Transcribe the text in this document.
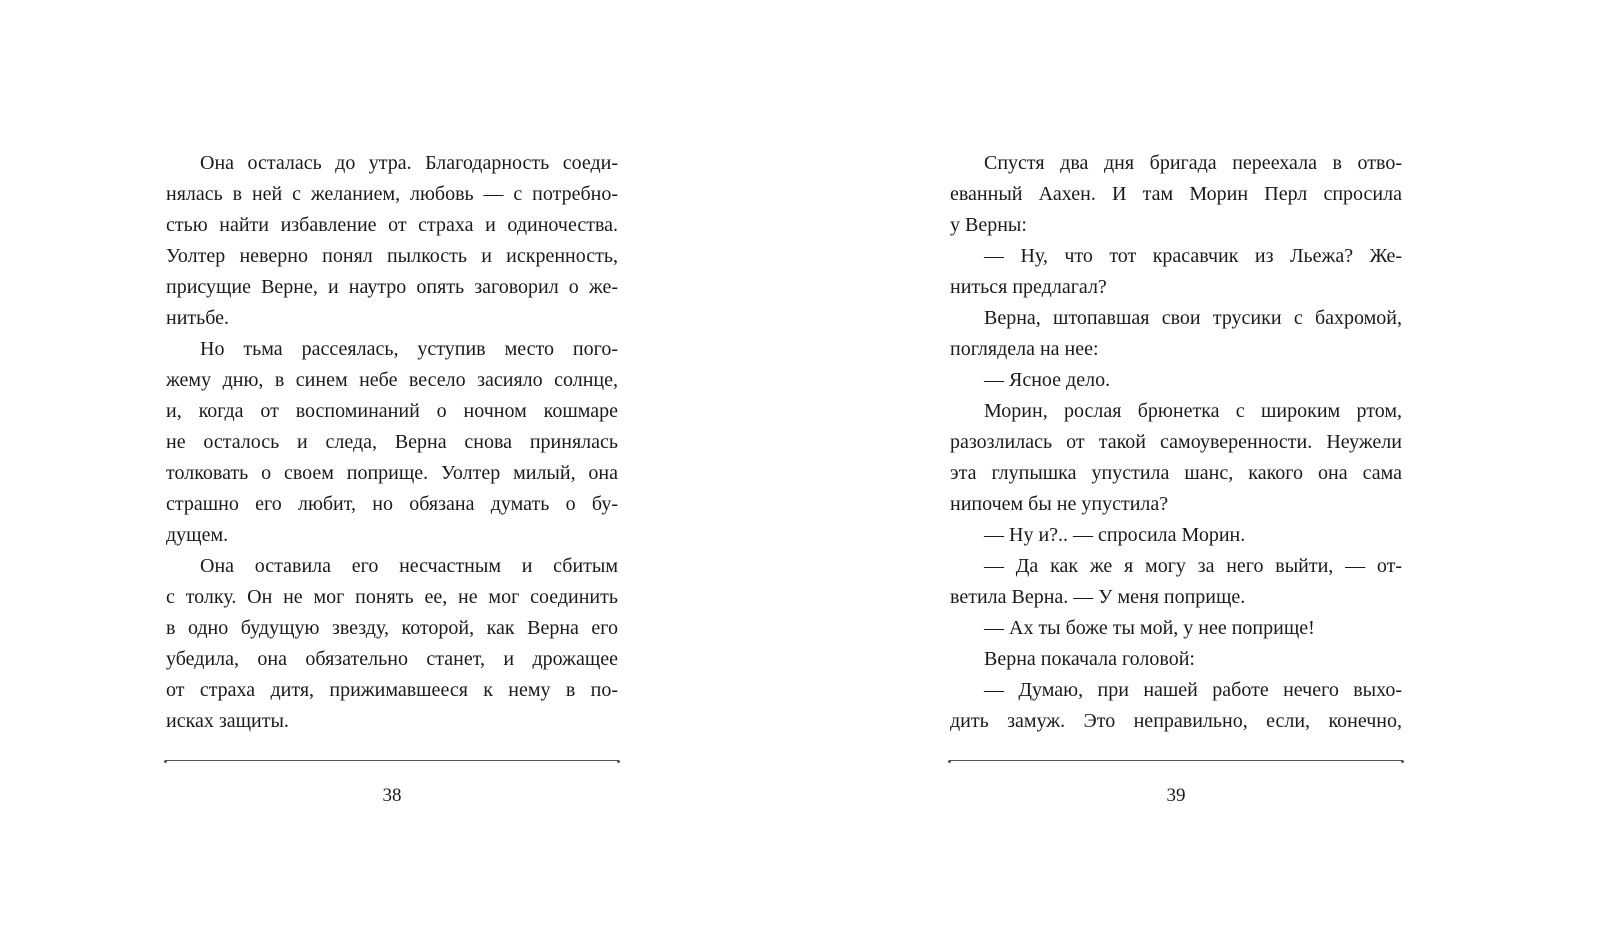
Она осталась до утра. Благодарность соеди-
нялась в ней с желанием, любовь — с потребно-
стью найти избавление от страха и одиночества.
Уолтер неверно понял пылкость и искренность,
присущие Верне, и наутро опять заговорил о же-
нитьбе.
Но тьма рассеялась, уступив место пого-
жему дню, в синем небе весело засияло солнце,
и, когда от воспоминаний о ночном кошмаре
не осталось и следа, Верна снова принялась
толковать о своем поприще. Уолтер милый, она
страшно его любит, но обязана думать о бу-
дущем.
Она оставила его несчастным и сбитым
с толку. Он не мог понять ее, не мог соединить
в одно будущую звезду, которой, как Верна его
убедила, она обязательно станет, и дрожащее
от страха дитя, прижимавшееся к нему в по-
исках защиты.
38
Спустя два дня бригада переехала в отво-
еванный Аахен. И там Морин Перл спросила
у Верны:
— Ну, что тот красавчик из Льежа? Же-
ниться предлагал?
Верна, штопавшая свои трусики с бахромой,
поглядела на нее:
— Ясное дело.
Морин, рослая брюнетка с широким ртом,
разозлилась от такой самоуверенности. Неужели
эта глупышка упустила шанс, какого она сама
нипочем бы не упустила?
— Ну и?.. — спросила Морин.
— Да как же я могу за него выйти, — от-
ветила Верна. — У меня поприще.
— Ах ты боже ты мой, у нее поприще!
Верна покачала головой:
— Думаю, при нашей работе нечего выхо-
дить замуж. Это неправильно, если, конечно,
39
